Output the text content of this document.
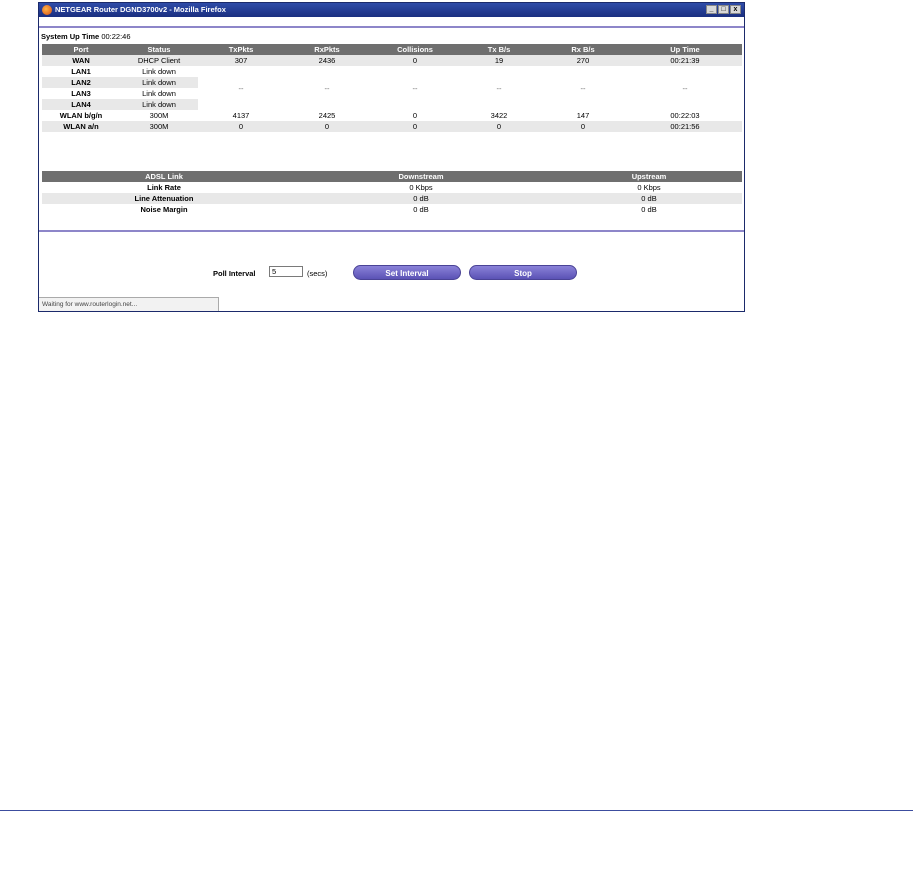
NETGEAR Router DGND3700v2 - Mozilla Firefox	_	□	x
System Up Time 00:22:46
Port	Status	TxPkts	RxPkts	Collisions	Tx B/s	Rx B/s	Up Time
WAN	DHCP Client	307	2436	0	19	270	00:21:39
LAN1	Link down	--	--	--	--	--	--
LAN2	Link down						
LAN3	Link down						
LAN4	Link down						
WLAN b/g/n	300M	4137	2425	0	3422	147	00:22:03
WLAN a/n	300M	0	0	0	0	0	00:21:56
ADSL Link	Downstream	Upstream
Link Rate	0 Kbps	0 Kbps
Line Attenuation	0 dB	0 dB
Noise Margin	0 dB	0 dB
Poll Interval
5	(secs)	Set Interval	Stop
Waiting for www.routerlogin.net...
